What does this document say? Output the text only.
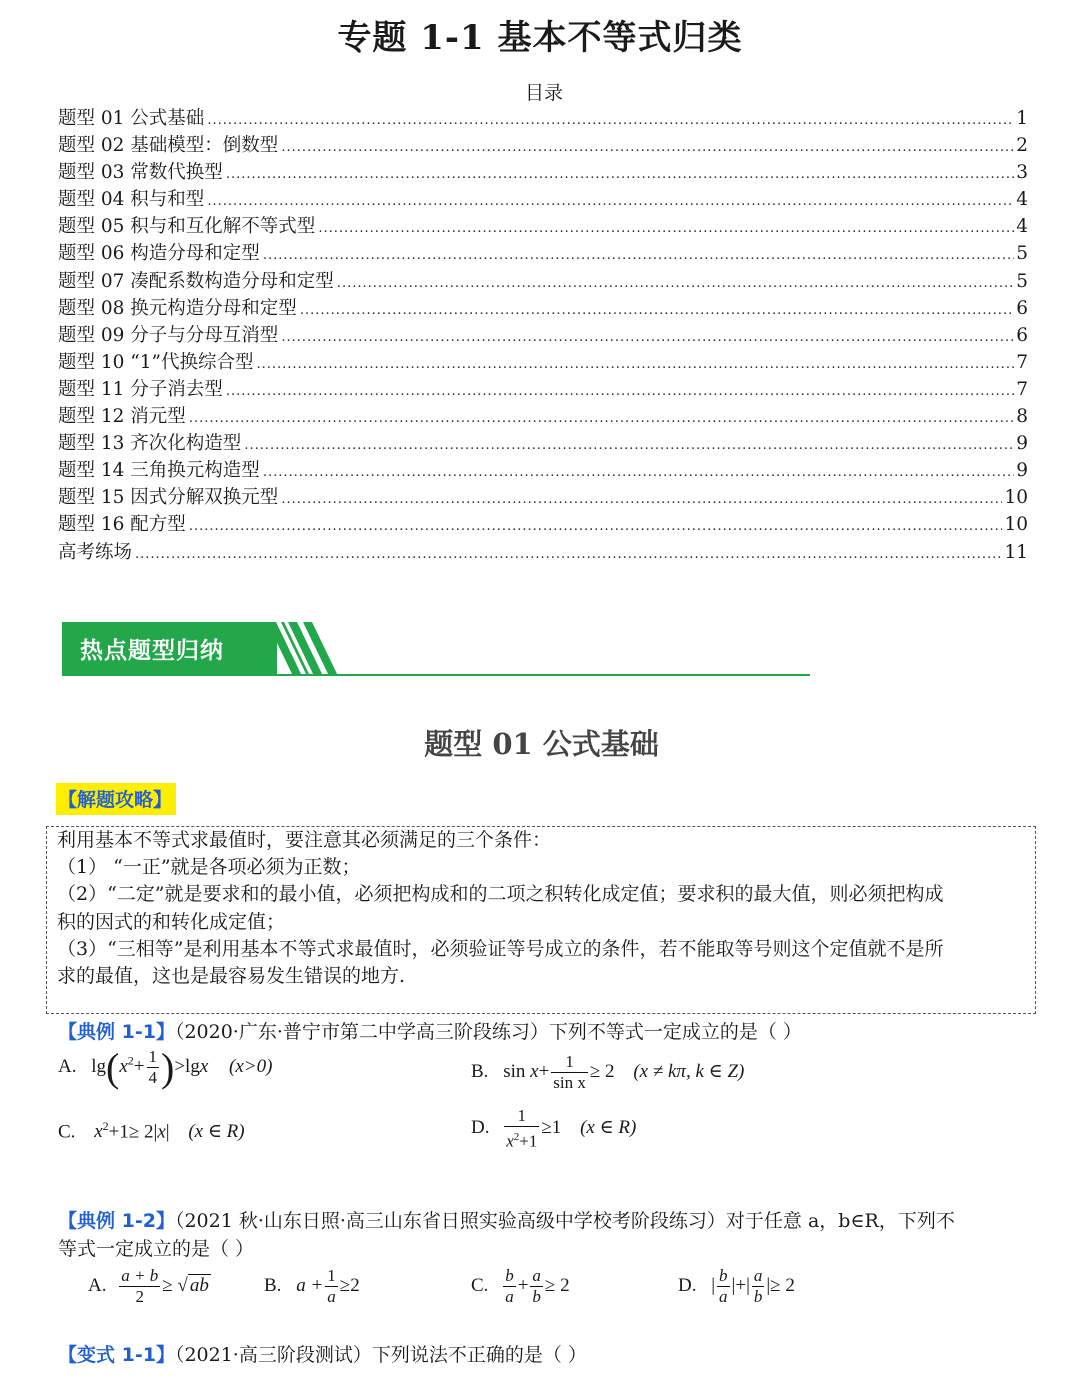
专题 1-1 基本不等式归类
目录
题型 01 公式基础 .....	1
题型 02 基础模型：倒数型 .....	2
题型 03 常数代换型 .....	3
题型 04 积与和型 .....	4
题型 05 积与和互化解不等式型 .....	4
题型 06 构造分母和定型 .....	5
题型 07 凑配系数构造分母和定型 .....	5
题型 08 换元构造分母和定型 .....	6
题型 09 分子与分母互消型 .....	6
题型 10 “1”代换综合型 .....	7
题型 11 分子消去型 .....	7
题型 12 消元型 .....	8
题型 13 齐次化构造型 .....	9
题型 14 三角换元构造型 .....	9
题型 15 因式分解双换元型 .....	10
题型 16 配方型 .....	10
高考练场 .....	11
热点题型归纳
题型 01 公式基础
【解题攻略】
利用基本不等式求最值时，要注意其必须满足的三个条件：
（1） “一正”就是各项必须为正数；
（2）“二定”就是要求和的最小值，必须把构成和的二项之积转化成定值；要求积的最大值，则必须把构成
积的因式的和转化成定值；
（3）“三相等”是利用基本不等式求最值时，必须验证等号成立的条件，若不能取等号则这个定值就不是所
求的最值，这也是最容易发生错误的地方.
【典例 1-1】（2020·广东·普宁市第二中学高三阶段练习）下列不等式一定成立的是（ ）
A. $\lg(x^2+ \frac{1}{4} )>\lg x$ (x>0)	B. $\sin x+ \frac{1}{\text{sin x}} \ge 2$ (x ≠ kπ, k ∈ Z)
C. $x^2+1\ge 2|x|$ (x ∈ R)	D. $\frac{1}{x^2+1} \ge 1$ (x ∈ R)
【典例 1-2】（2021 秋·山东日照·高三山东省日照实验高级中学校考阶段练习）对于任意 a，b∈R，下列不
等式一定成立的是（ ）
A. $\frac{a + b}{2}$ ≥ √ ab	B. $a + \frac{1}{a} \ge 2$	C. $\frac{b}{a} + \frac{a}{b} \ge 2$	D. | $\frac{b}{a}$ |+| $\frac{a}{b}$ |≥ 2
【变式 1-1】（2021·高三阶段测试）下列说法不正确的是（ ）
